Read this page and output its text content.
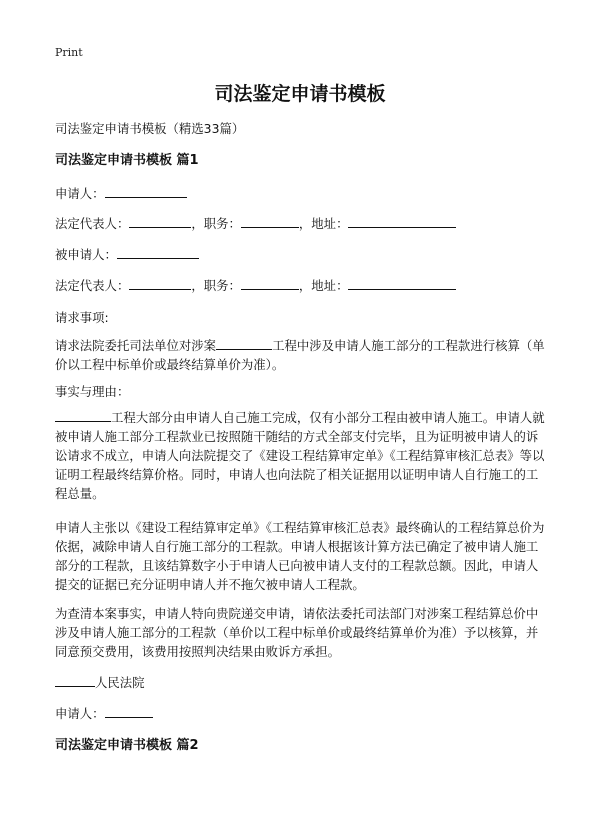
Print
司法鉴定申请书模板
司法鉴定申请书模板（精选33篇）
司法鉴定申请书模板 篇1
申请人：
法定代表人：	，职务：	，地址：
被申请人：
法定代表人：	，职务：	，地址：
请求事项:
请求法院委托司法单位对涉案	工程中涉及申请人施工部分的工程款进行核算（单价以工程中标单价或最终结算单价为准）。
事实与理由：
工程大部分由申请人自己施工完成，仅有小部分工程由被申请人施工。申请人就被申请人施工部分工程款业已按照随干随结的方式全部支付完毕，且为证明被申请人的诉讼请求不成立，申请人向法院提交了《建设工程结算审定单》《工程结算审核汇总表》等以证明工程最终结算价格。同时，申请人也向法院了相关证据用以证明申请人自行施工的工程总量。
申请人主张以《建设工程结算审定单》《工程结算审核汇总表》最终确认的工程结算总价为依据，减除申请人自行施工部分的工程款。申请人根据该计算方法已确定了被申请人施工部分的工程款，且该结算数字小于申请人已向被申请人支付的工程款总额。因此，申请人提交的证据已充分证明申请人并不拖欠被申请人工程款。
为查清本案事实，申请人特向贵院递交申请，请依法委托司法部门对涉案工程结算总价中涉及申请人施工部分的工程款（单价以工程中标单价或最终结算单价为准）予以核算，并同意预交费用，该费用按照判决结果由败诉方承担。
人民法院
申请人：
司法鉴定申请书模板 篇2
